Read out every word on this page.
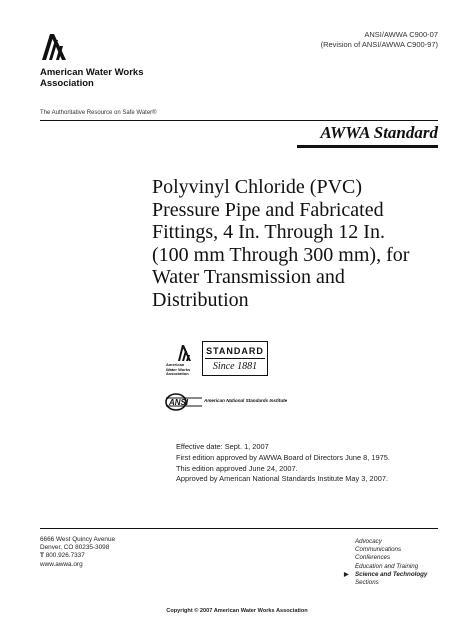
ANSI/AWWA C900-07
(Revision of ANSI/AWWA C900-97)
American Water Works
Association
The Authoritative Resource on Safe Water®
AWWA Standard
Polyvinyl Chloride (PVC)
Pressure Pipe and Fabricated
Fittings, 4 In. Through 12 In.
(100 mm Through 300 mm), for
Water Transmission and
Distribution
American
Water Works
Association
STANDARD
Since 1881
ANSI	American National Standards Institute
Effective date: Sept. 1, 2007
First edition approved by AWWA Board of Directors June 8, 1975.
This edition approved June 24, 2007.
Approved by American National Standards Institute May 3, 2007.
6666 West Quincy Avenue
Denver, CO 80235-3098
T 800.926.7337
www.awwa.org
Advocacy
Communications
Conferences
Education and Training
▶ Science and Technology
Sections
Copyright © 2007 American Water Works Association
